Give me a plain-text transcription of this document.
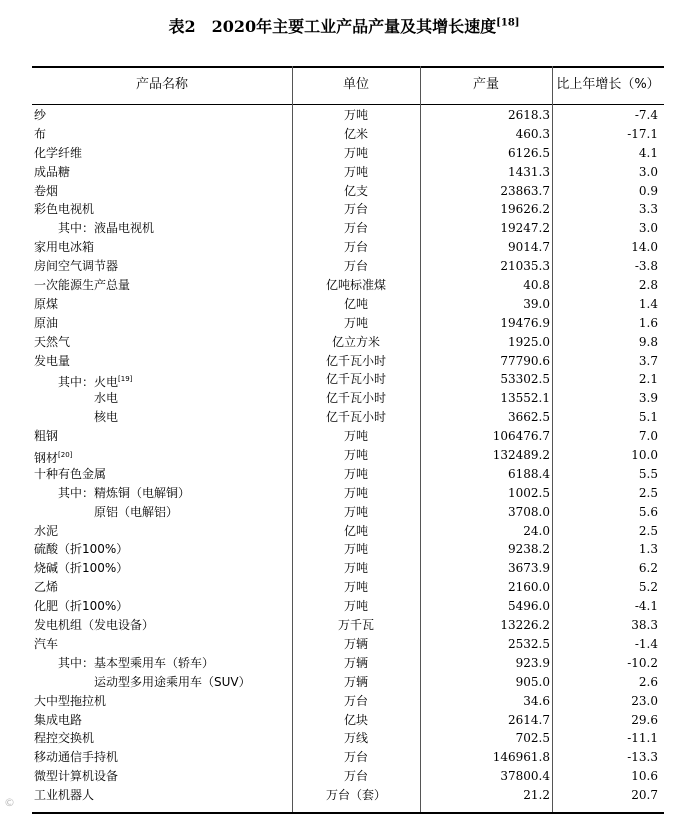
表2　2020年主要工业产品产量及其增长速度[18]
产品名称	单位	产量	比上年增长（%）
纱	万吨	2618.3	-7.4
布	亿米	460.3	-17.1
化学纤维	万吨	6126.5	4.1
成品糖	万吨	1431.3	3.0
卷烟	亿支	23863.7	0.9
彩色电视机	万台	19626.2	3.3
　　其中：液晶电视机	万台	19247.2	3.0
家用电冰箱	万台	9014.7	14.0
房间空气调节器	万台	21035.3	-3.8
一次能源生产总量	亿吨标准煤	40.8	2.8
原煤	亿吨	39.0	1.4
原油	万吨	19476.9	1.6
天然气	亿立方米	1925.0	9.8
发电量	亿千瓦小时	77790.6	3.7
　　其中：火电[19]	亿千瓦小时	53302.5	2.1
　　　　　水电	亿千瓦小时	13552.1	3.9
　　　　　核电	亿千瓦小时	3662.5	5.1
粗钢	万吨	106476.7	7.0
钢材[20]	万吨	132489.2	10.0
十种有色金属	万吨	6188.4	5.5
　　其中：精炼铜（电解铜）	万吨	1002.5	2.5
　　　　　原铝（电解铝）	万吨	3708.0	5.6
水泥	亿吨	24.0	2.5
硫酸（折100%）	万吨	9238.2	1.3
烧碱（折100%）	万吨	3673.9	6.2
乙烯	万吨	2160.0	5.2
化肥（折100%）	万吨	5496.0	-4.1
发电机组（发电设备）	万千瓦	13226.2	38.3
汽车	万辆	2532.5	-1.4
　　其中：基本型乘用车（轿车）	万辆	923.9	-10.2
　　　　　运动型多用途乘用车（SUV）	万辆	905.0	2.6
大中型拖拉机	万台	34.6	23.0
集成电路	亿块	2614.7	29.6
程控交换机	万线	702.5	-11.1
移动通信手持机	万台	146961.8	-13.3
微型计算机设备	万台	37800.4	10.6
工业机器人	万台（套）	21.2	20.7
©
